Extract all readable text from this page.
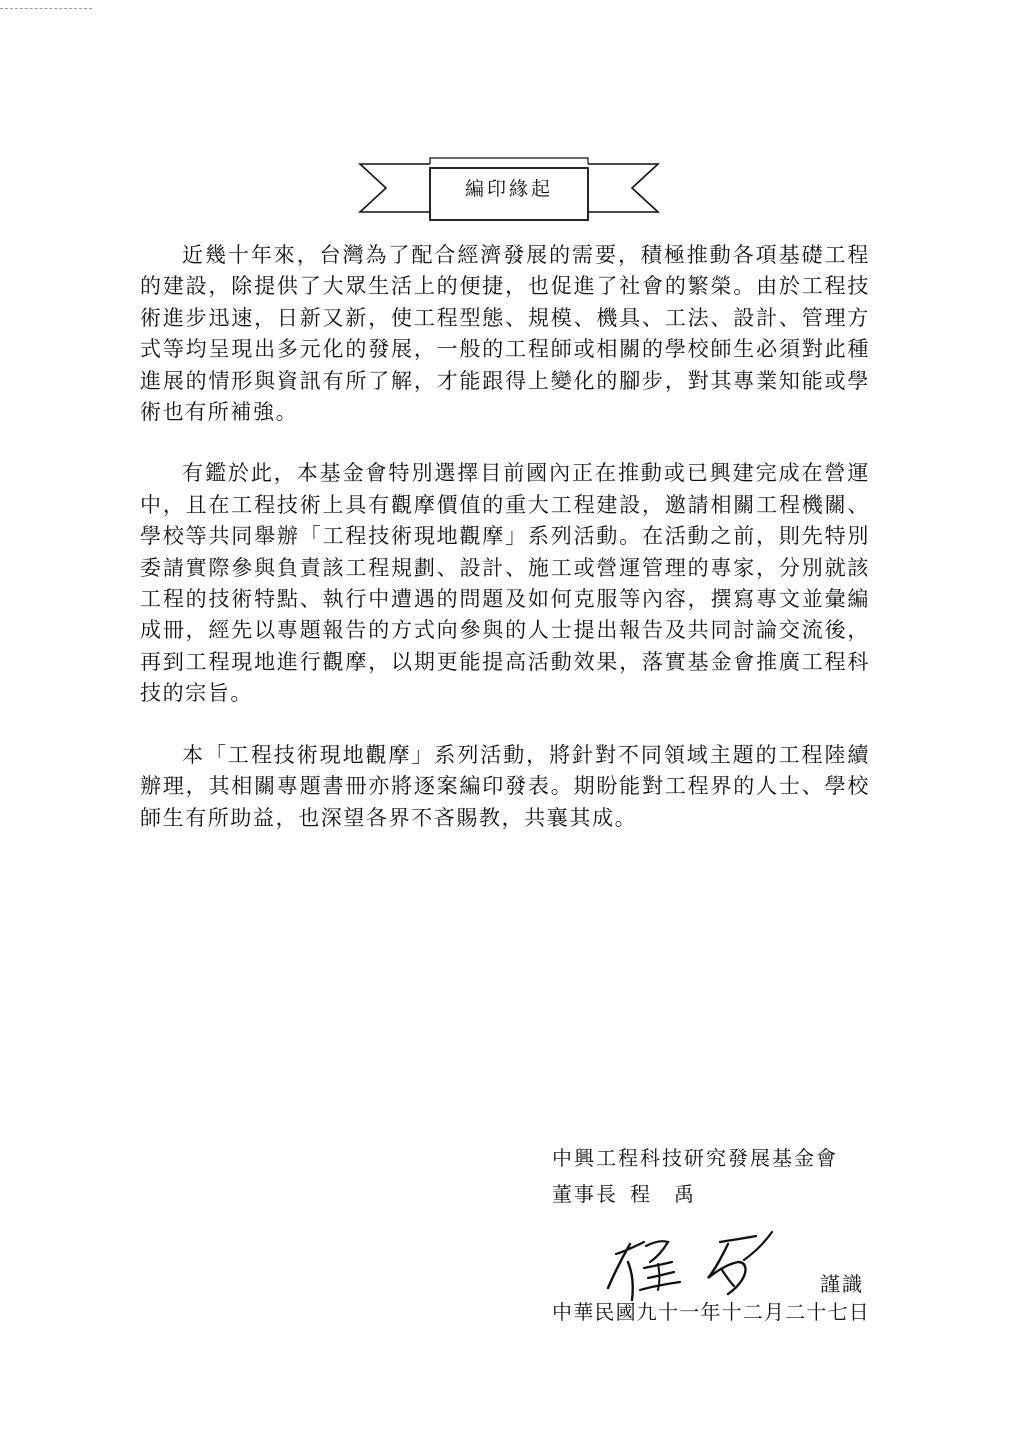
編印緣起

近幾十年來，台灣為了配合經濟發展的需要，積極推動各項基礎工程的建設，除提供了大眾生活上的便捷，也促進了社會的繁榮。由於工程技術進步迅速，日新又新，使工程型態、規模、機具、工法、設計、管理方式等均呈現出多元化的發展，一般的工程師或相關的學校師生必須對此種進展的情形與資訊有所了解，才能跟得上變化的腳步，對其專業知能或學術也有所補強。

有鑑於此，本基金會特別選擇目前國內正在推動或已興建完成在營運中，且在工程技術上具有觀摩價值的重大工程建設，邀請相關工程機關、學校等共同舉辦「工程技術現地觀摩」系列活動。在活動之前，則先特別委請實際參與負責該工程規劃、設計、施工或營運管理的專家，分別就該工程的技術特點、執行中遭遇的問題及如何克服等內容，撰寫專文並彙編成冊，經先以專題報告的方式向參與的人士提出報告及共同討論交流後，再到工程現地進行觀摩，以期更能提高活動效果，落實基金會推廣工程科技的宗旨。

本「工程技術現地觀摩」系列活動，將針對不同領域主題的工程陸續辦理，其相關專題書冊亦將逐案編印發表。期盼能對工程界的人士、學校師生有所助益，也深望各界不吝賜教，共襄其成。

中興工程科技研究發展基金會
董事長 程　禹
謹識
中華民國九十一年十二月二十七日
